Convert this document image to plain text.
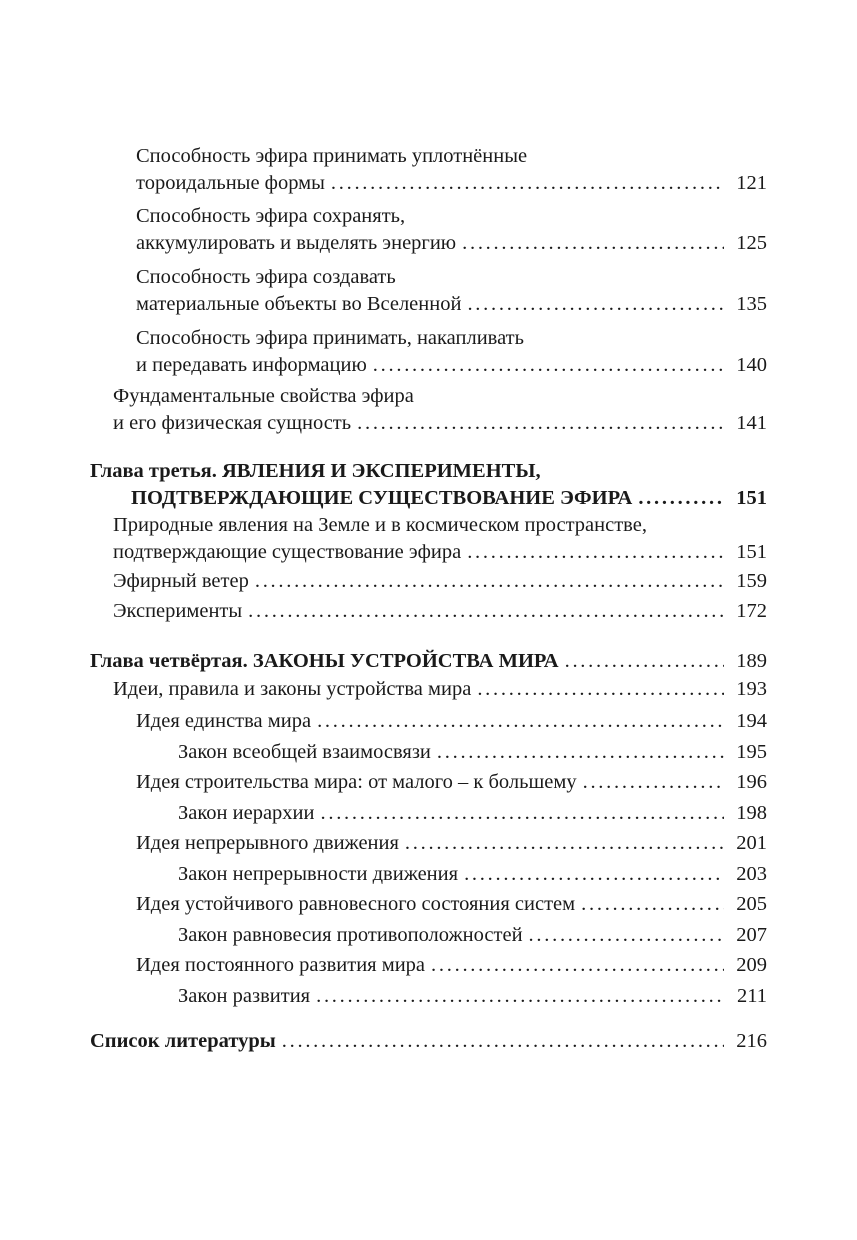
Способность эфира принимать уплотнённые
тороидальные формы . . .	121
Способность эфира сохранять,
аккумулировать и выделять энергию . . .	125
Способность эфира создавать
материальные объекты во Вселенной . . .	135
Способность эфира принимать, накапливать
и передавать информацию . . .	140
Фундаментальные свойства эфира
и его физическая сущность . . .	141
Глава третья. ЯВЛЕНИЯ И ЭКСПЕРИМЕНТЫ,
ПОДТВЕРЖДАЮЩИЕ СУЩЕСТВОВАНИЕ ЭФИРА . . .	151
Природные явления на Земле и в космическом пространстве,
подтверждающие существование эфира . . .	151
Эфирный ветер . . .	159
Эксперименты . . .	172
Глава четвёртая. ЗАКОНЫ УСТРОЙСТВА МИРА . . .	189
Идеи, правила и законы устройства мира . . .	193
Идея единства мира . . .	194
Закон всеобщей взаимосвязи . . .	195
Идея строительства мира: от малого – к большему . . .	196
Закон иерархии . . .	198
Идея непрерывного движения . . .	201
Закон непрерывности движения . . .	203
Идея устойчивого равновесного состояния систем . . .	205
Закон равновесия противоположностей . . .	207
Идея постоянного развития мира . . .	209
Закон развития . . .	211
Список литературы . . .	216
